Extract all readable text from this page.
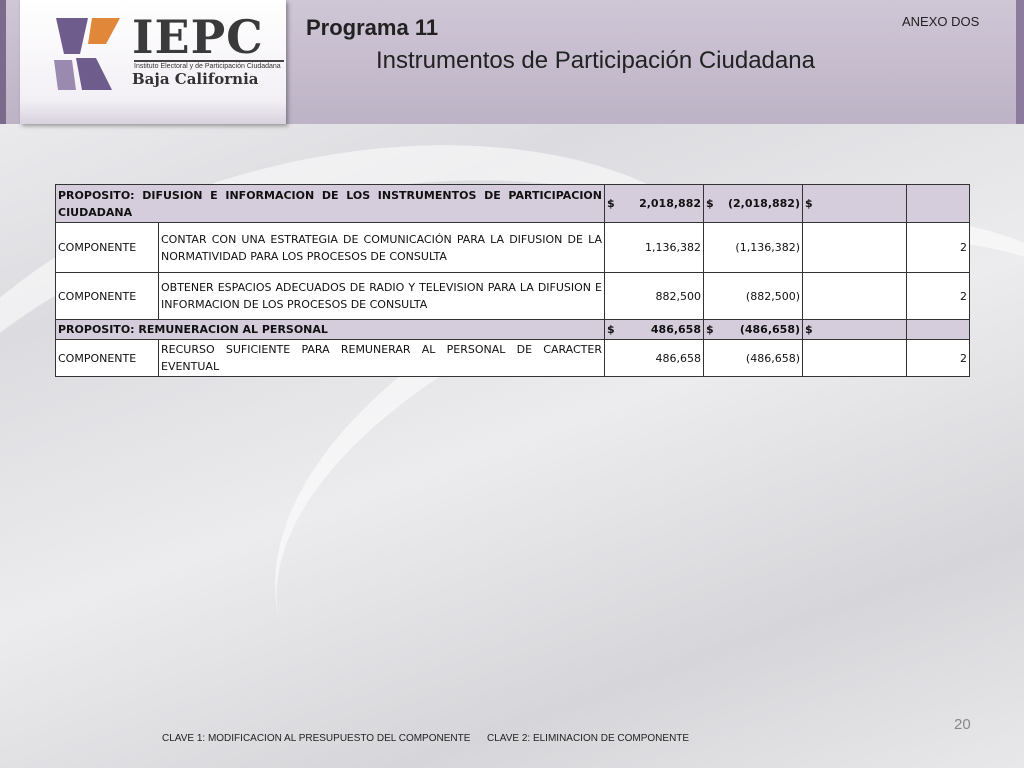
IEPC
Instituto Electoral y de Participación Ciudadana
Baja California
Programa 11
Instrumentos de Participación Ciudadana
ANEXO DOS
PROPOSITO: DIFUSION E INFORMACION DE LOS INSTRUMENTOS DE PARTICIPACION CIUDADANA		$ 2,018,882	$ (2,018,882)	$	
COMPONENTE	CONTAR CON UNA ESTRATEGIA DE COMUNICACIÓN PARA LA DIFUSION DE LA NORMATIVIDAD PARA LOS PROCESOS DE CONSULTA	1,136,382	(1,136,382)		2
COMPONENTE	OBTENER ESPACIOS ADECUADOS DE RADIO Y TELEVISION PARA LA DIFUSION E INFORMACION DE LOS PROCESOS DE CONSULTA	882,500	(882,500)		2
PROPOSITO: REMUNERACION AL PERSONAL		$ 486,658	$ (486,658)	$	
COMPONENTE	RECURSO SUFICIENTE PARA REMUNERAR AL PERSONAL DE CARACTER EVENTUAL	486,658	(486,658)		2
20
CLAVE 1: MODIFICACION AL PRESUPUESTO DEL COMPONENTE CLAVE 2: ELIMINACION DE COMPONENTE
